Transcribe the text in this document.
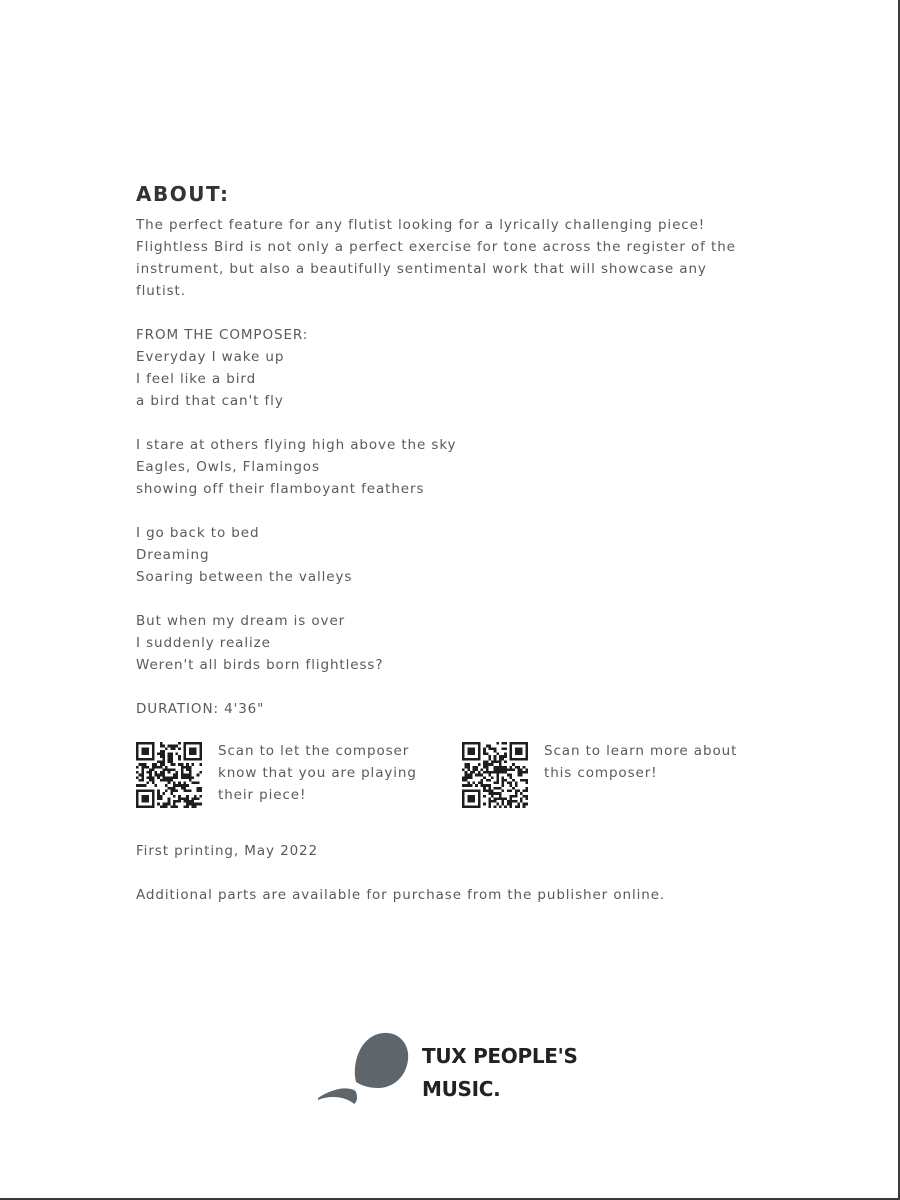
ABOUT:
The perfect feature for any flutist looking for a lyrically challenging piece!
Flightless Bird is not only a perfect exercise for tone across the register of the
instrument, but also a beautifully sentimental work that will showcase any
flutist.
FROM THE COMPOSER:
Everyday I wake up
I feel like a bird
a bird that can't fly
I stare at others flying high above the sky
Eagles, Owls, Flamingos
showing off their flamboyant feathers
I go back to bed
Dreaming
Soaring between the valleys
But when my dream is over
I suddenly realize
Weren't all birds born flightless?
DURATION: 4'36"
Scan to let the composer
know that you are playing
their piece!
Scan to learn more about
this composer!
First printing, May 2022
Additional parts are available for purchase from the publisher online.
TUX PEOPLE'S
MUSIC.
